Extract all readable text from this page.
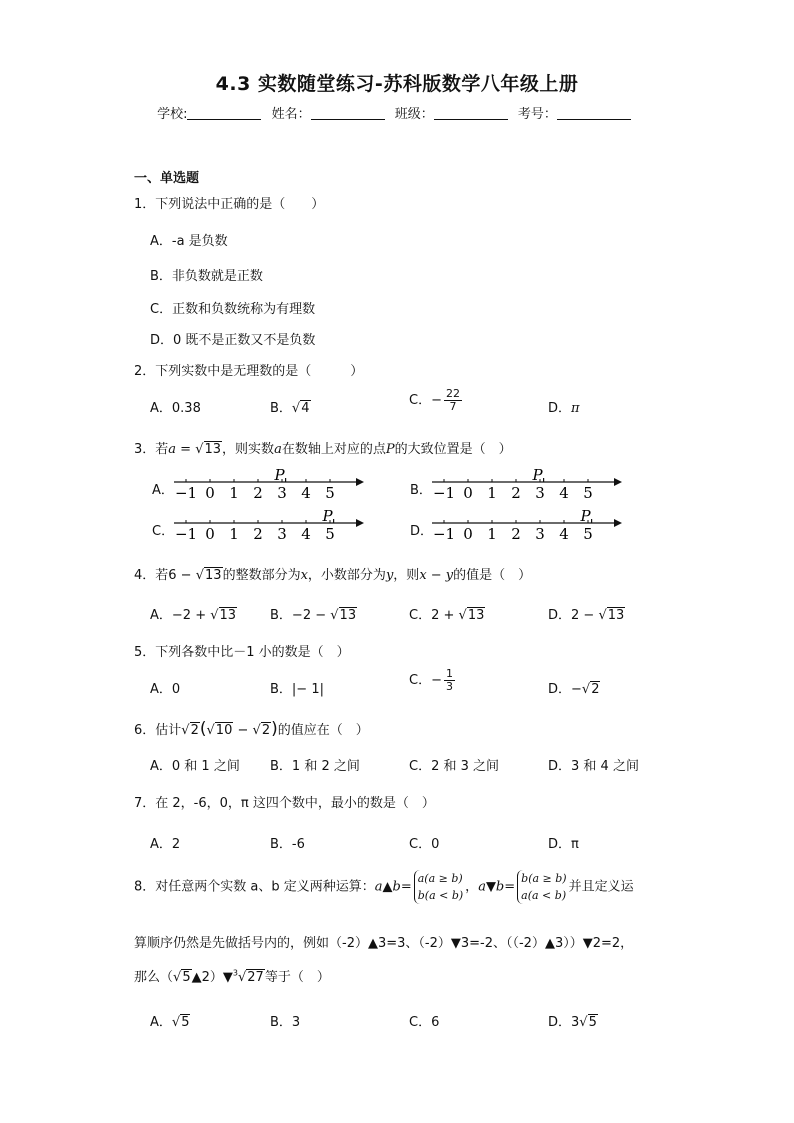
4.3 实数随堂练习-苏科版数学八年级上册
学校:	姓名：	班级：	考号：
一、单选题
1．下列说法中正确的是（　　）
A．-a 是负数
B．非负数就是正数
C．正数和负数统称为有理数
D．0 既不是正数又不是负数
2．下列实数中是无理数的是（　　　）
A．0.38	B．√4
C．− $\frac{22}{7}$	D．π
3．若a = √13，则实数a在数轴上对应的点P的大致位置是（　）
A．	B．
C．	D．
−1 0 1 2 3 4 5
P
−1 0 1 2 3 4 5
P
−1 0 1 2 3 4 5
P
−1 0 1 2 3 4 5
P
4．若6 − √13的整数部分为x，小数部分为y，则x − y的值是（　）
A．−2 + √13	B．−2 − √13	C．2 + √13	D．2 − √13
5．下列各数中比－1 小的数是（　）
A．0	B．|− 1|
C．− $\frac{1}{3}$	D．−√2
6．估计√2(√10 − √2)的值应在（　）
A．0 和 1 之间 B．1 和 2 之间	C．2 和 3 之间	D．3 和 4 之间
7．在 2，-6，0，π 这四个数中，最小的数是（　）
A．2	B．-6	C．0	D．π
8．对任意两个实数 a、b 定义两种运算：a▲b=
a(a ≥ b)
b(a < b)
，a▼b=
b(a ≥ b)
a(a < b)
并且定义运
算顺序仍然是先做括号内的，例如（-2）▲3=3、（-2）▼3=-2、（（-2）▲3））▼2=2，
那么（√5▲2）▼$^3$√27等于（　）
A．√5	B．3	C．6	D．3√5
